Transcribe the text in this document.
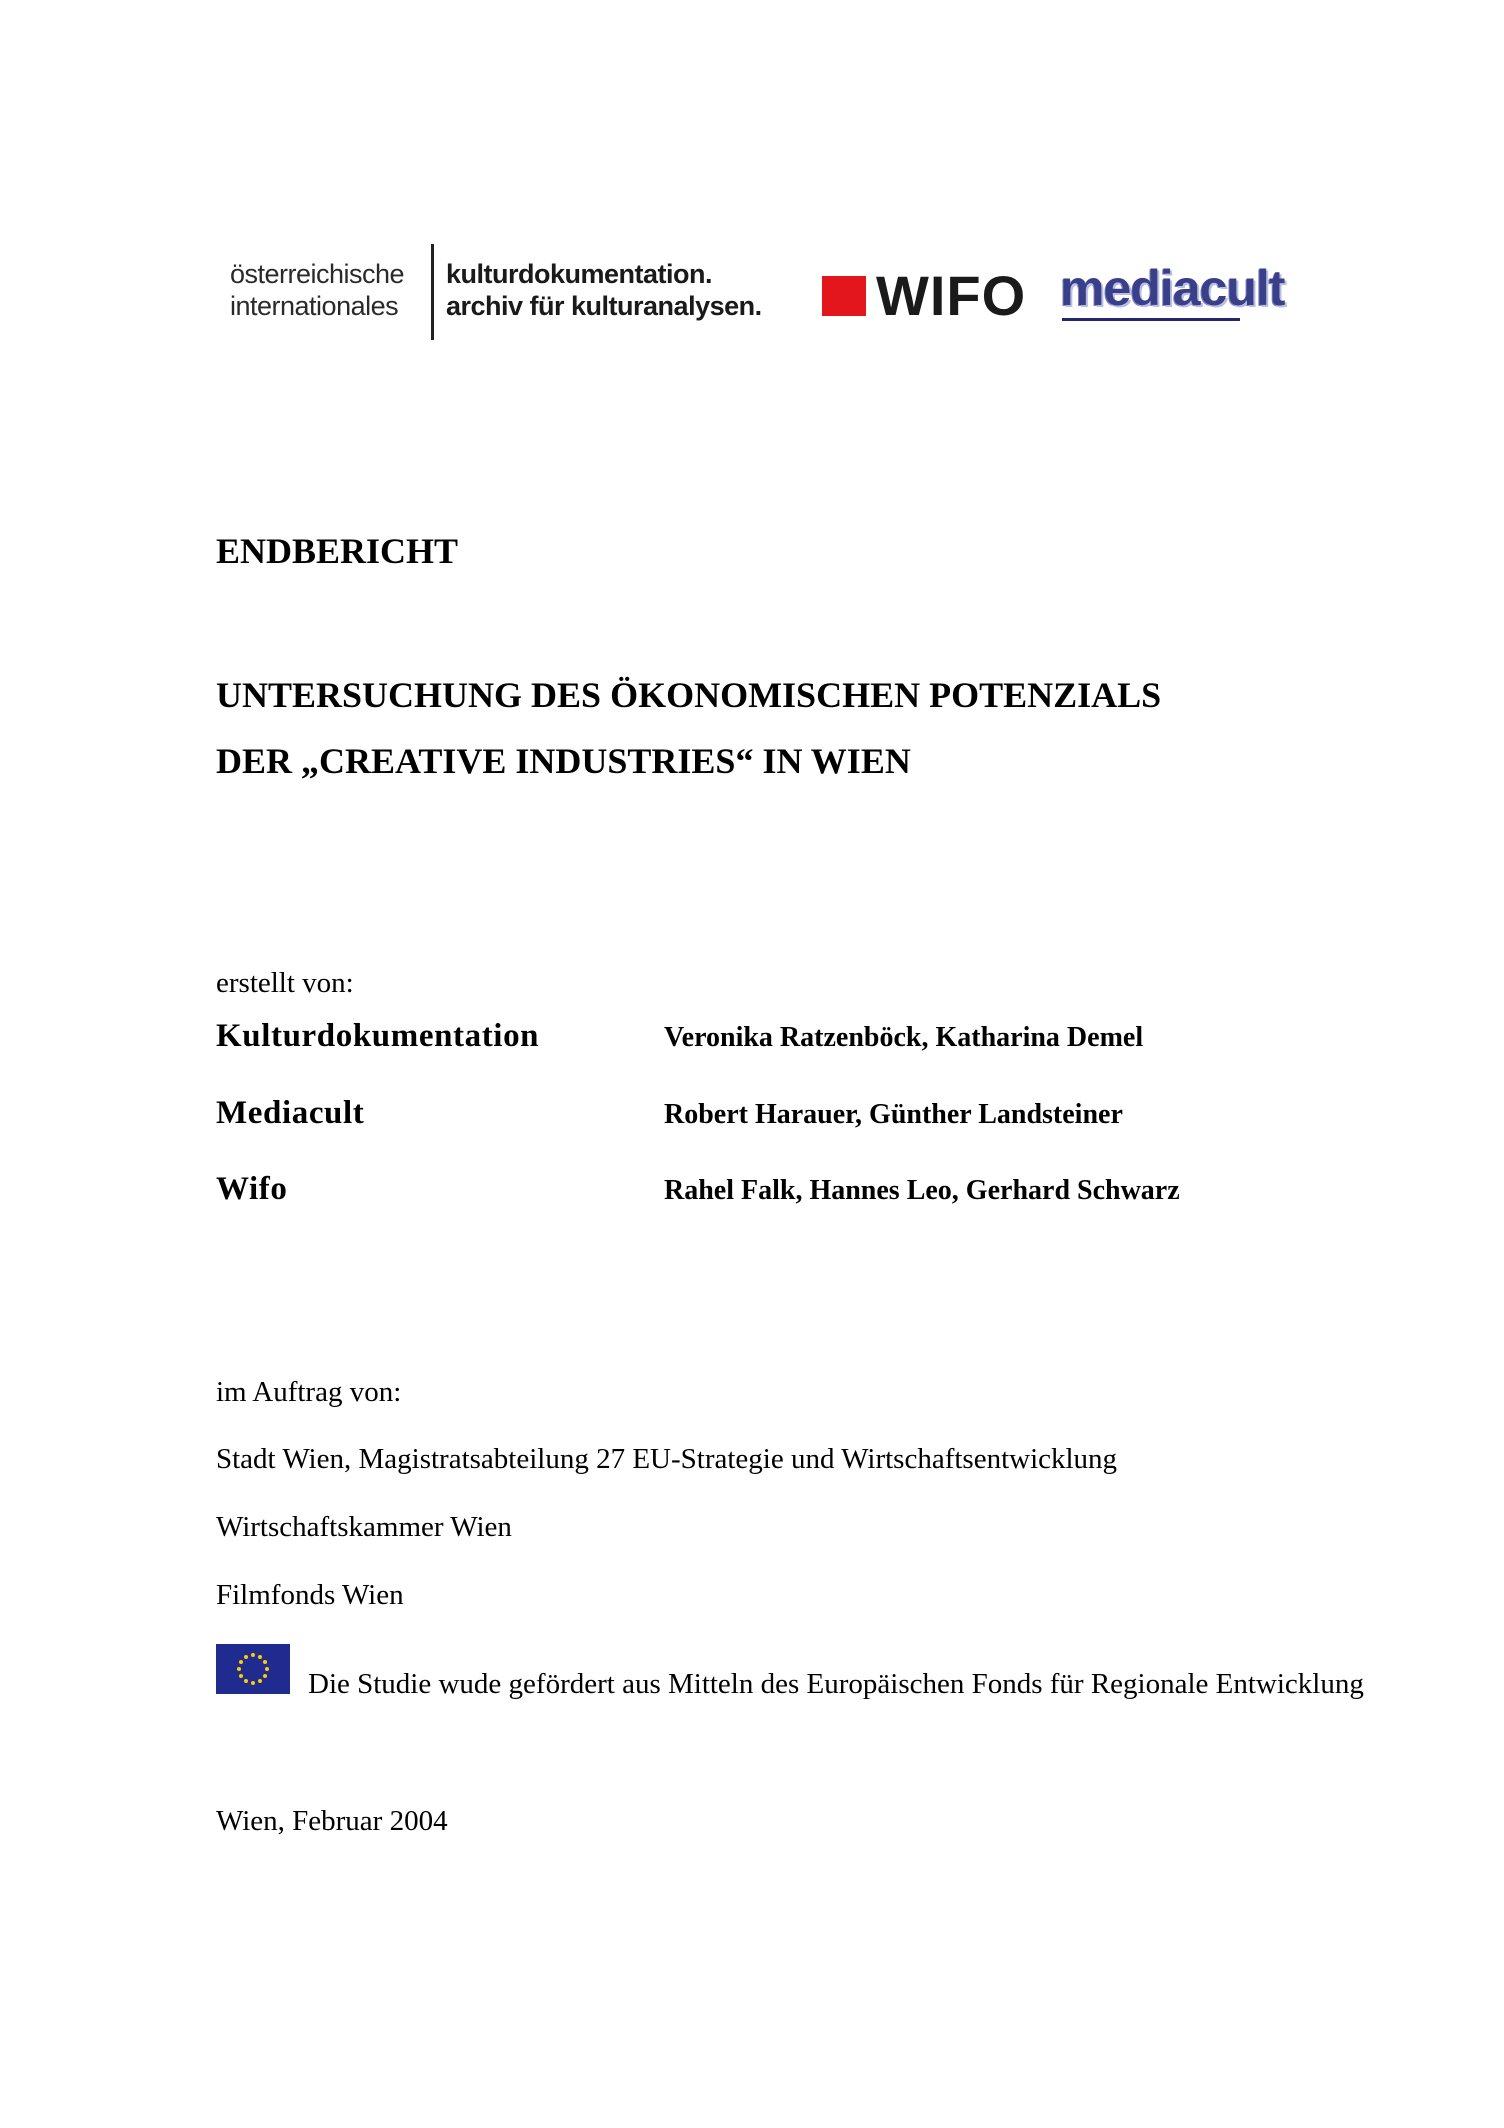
österreichische
internationales
kulturdokumentation.
archiv für kulturanalysen. WIFO mediacult
ENDBERICHT
UNTERSUCHUNG DES ÖKONOMISCHEN POTENZIALS
DER „CREATIVE INDUSTRIES“ IN WIEN
erstellt von:
Kulturdokumentation	Veronika Ratzenböck, Katharina Demel
Mediacult	Robert Harauer, Günther Landsteiner
Wifo	Rahel Falk, Hannes Leo, Gerhard Schwarz
im Auftrag von:
Stadt Wien, Magistratsabteilung 27 EU-Strategie und Wirtschaftsentwicklung
Wirtschaftskammer Wien
Filmfonds Wien
Die Studie wude gefördert aus Mitteln des Europäischen Fonds für Regionale Entwicklung
Wien, Februar 2004
